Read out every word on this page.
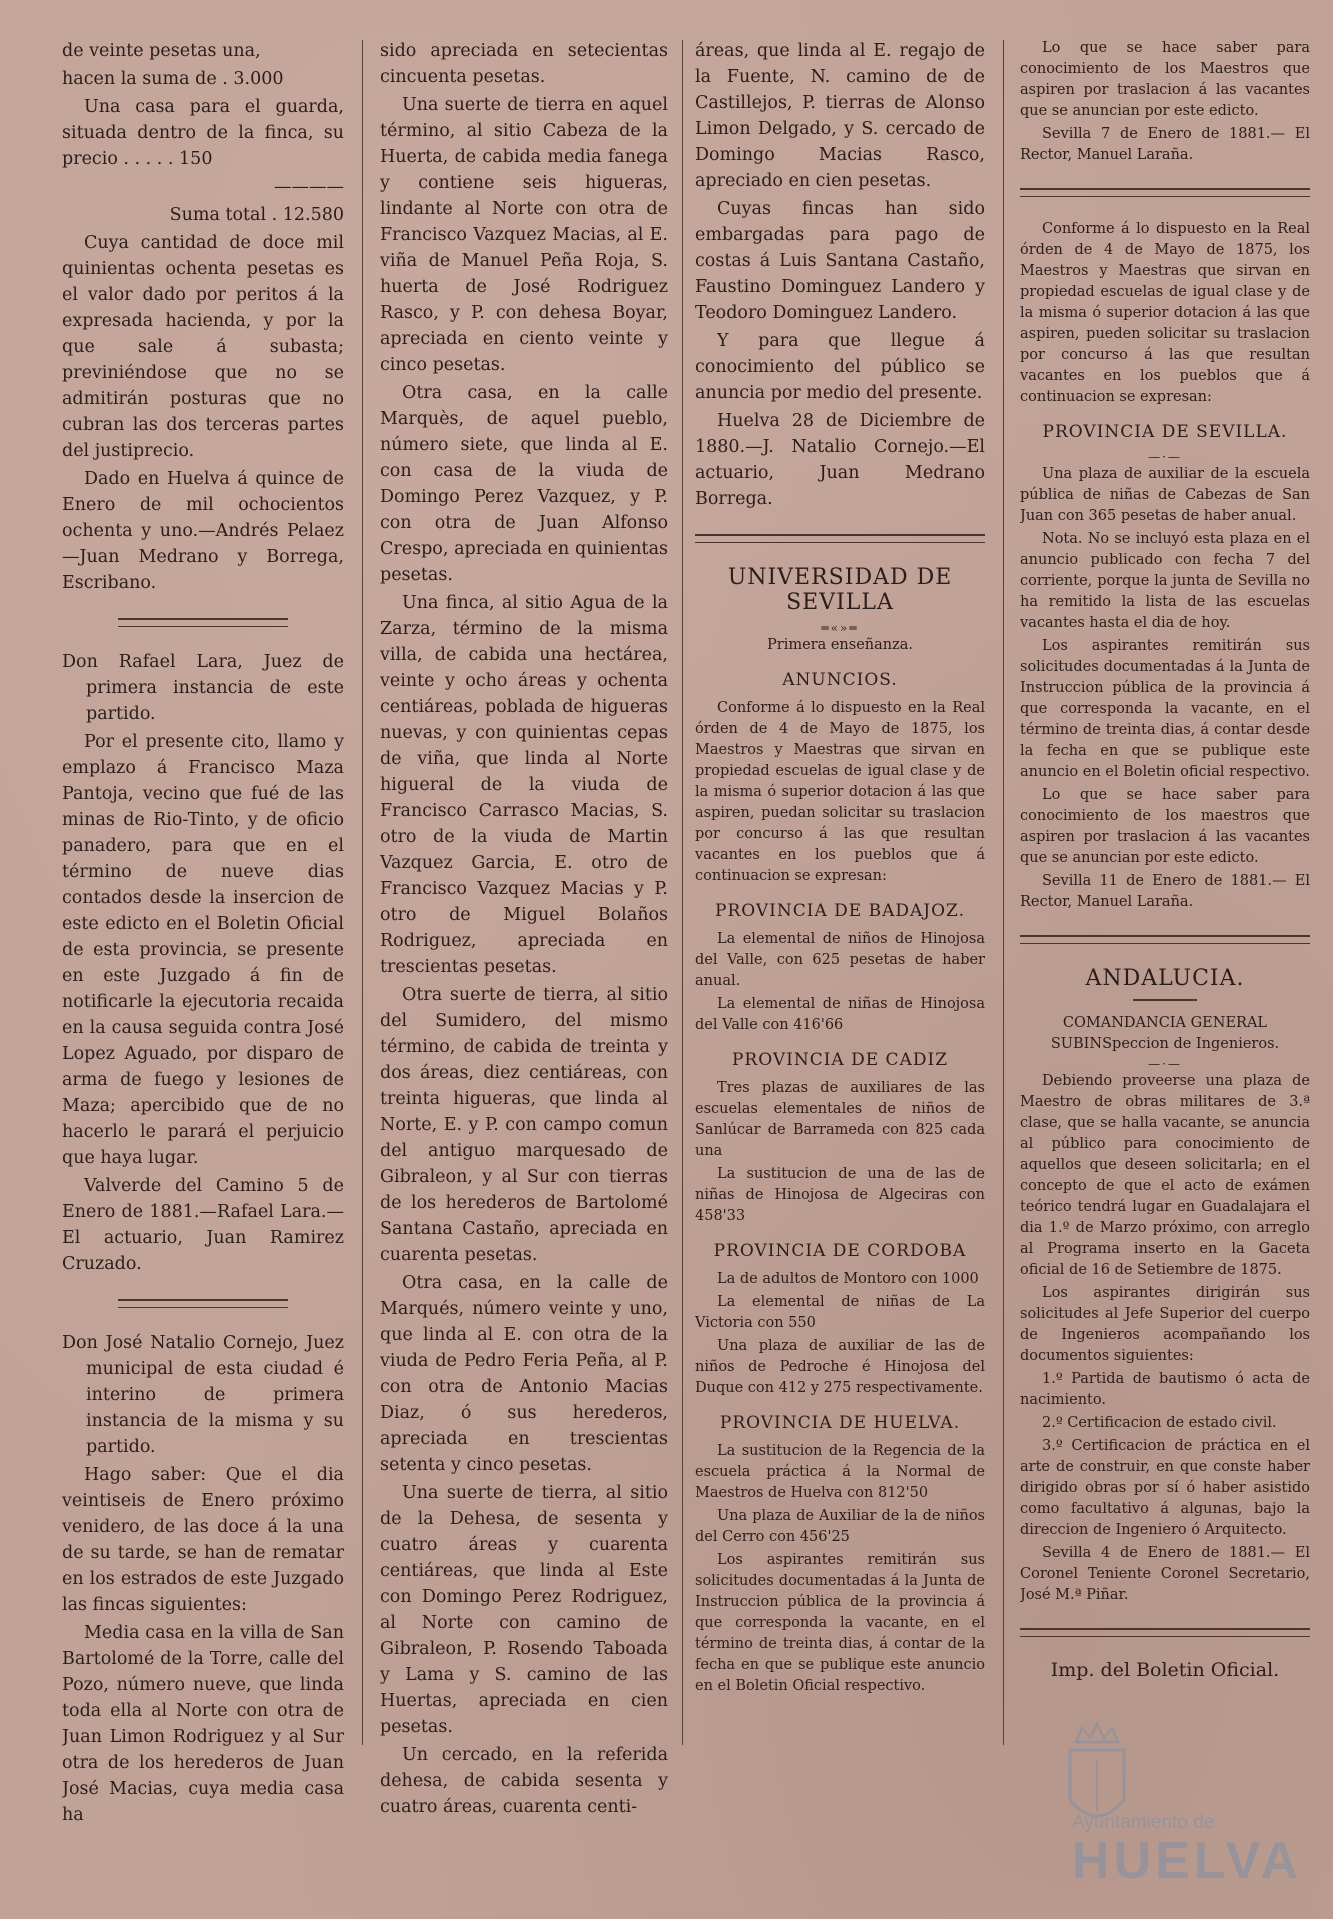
de veinte pesetas una,

hacen la suma de . 3.000

Una casa para el guarda, situada dentro de la finca, su precio . . . . . 150

————

Suma total . 12.580

Cuya cantidad de doce mil quinientas ochenta pesetas es el valor dado por peritos á la expresada hacienda, y por la que sale á subasta; previniéndose que no se admitirán posturas que no cubran las dos terceras partes del justiprecio.

Dado en Huelva á quince de Enero de mil ochocientos ochenta y uno.—Andrés Pelaez —Juan Medrano y Borrega, Escribano.

Don Rafael Lara, Juez de primera instancia de este partido.

Por el presente cito, llamo y emplazo á Francisco Maza Pantoja, vecino que fué de las minas de Rio-Tinto, y de oficio panadero, para que en el término de nueve dias contados desde la insercion de este edicto en el Boletin Oficial de esta provincia, se presente en este Juzgado á fin de notificarle la ejecutoria recaida en la causa seguida contra José Lopez Aguado, por disparo de arma de fuego y lesiones de Maza; apercibido que de no hacerlo le parará el perjuicio que haya lugar.

Valverde del Camino 5 de Enero de 1881.—Rafael Lara.—El actuario, Juan Ramirez Cruzado.

Don José Natalio Cornejo, Juez municipal de esta ciudad é interino de primera instancia de la misma y su partido.

Hago saber: Que el dia veintiseis de Enero próximo venidero, de las doce á la una de su tarde, se han de rematar en los estrados de este Juzgado las fincas siguientes:

Media casa en la villa de San Bartolomé de la Torre, calle del Pozo, número nueve, que linda toda ella al Norte con otra de Juan Limon Rodriguez y al Sur otra de los herederos de Juan José Macias, cuya media casa ha

sido apreciada en setecientas cincuenta pesetas.

Una suerte de tierra en aquel término, al sitio Cabeza de la Huerta, de cabida media fanega y contiene seis higueras, lindante al Norte con otra de Francisco Vazquez Macias, al E. viña de Manuel Peña Roja, S. huerta de José Rodriguez Rasco, y P. con dehesa Boyar, apreciada en ciento veinte y cinco pesetas.

Otra casa, en la calle Marquès, de aquel pueblo, número siete, que linda al E. con casa de la viuda de Domingo Perez Vazquez, y P. con otra de Juan Alfonso Crespo, apreciada en quinientas pesetas.

Una finca, al sitio Agua de la Zarza, término de la misma villa, de cabida una hectárea, veinte y ocho áreas y ochenta centiáreas, poblada de higueras nuevas, y con quinientas cepas de viña, que linda al Norte higueral de la viuda de Francisco Carrasco Macias, S. otro de la viuda de Martin Vazquez Garcia, E. otro de Francisco Vazquez Macias y P. otro de Miguel Bolaños Rodriguez, apreciada en trescientas pesetas.

Otra suerte de tierra, al sitio del Sumidero, del mismo término, de cabida de treinta y dos áreas, diez centiáreas, con treinta higueras, que linda al Norte, E. y P. con campo comun del antiguo marquesado de Gibraleon, y al Sur con tierras de los herederos de Bartolomé Santana Castaño, apreciada en cuarenta pesetas.

Otra casa, en la calle de Marqués, número veinte y uno, que linda al E. con otra de la viuda de Pedro Feria Peña, al P. con otra de Antonio Macias Diaz, ó sus herederos, apreciada en trescientas setenta y cinco pesetas.

Una suerte de tierra, al sitio de la Dehesa, de sesenta y cuatro áreas y cuarenta centiáreas, que linda al Este con Domingo Perez Rodriguez, al Norte con camino de Gibraleon, P. Rosendo Taboada y Lama y S. camino de las Huertas, apreciada en cien pesetas.

Un cercado, en la referida dehesa, de cabida sesenta y cuatro áreas, cuarenta centi-

áreas, que linda al E. regajo de la Fuente, N. camino de de Castillejos, P. tierras de Alonso Limon Delgado, y S. cercado de Domingo Macias Rasco, apreciado en cien pesetas.

Cuyas fincas han sido embargadas para pago de costas á Luis Santana Castaño, Faustino Dominguez Landero y Teodoro Dominguez Landero.

Y para que llegue á conocimiento del público se anuncia por medio del presente.

Huelva 28 de Diciembre de 1880.—J. Natalio Cornejo.—El actuario, Juan Medrano Borrega.

UNIVERSIDAD DE SEVILLA
═«»═

Primera enseñanza.

ANUNCIOS.

Conforme á lo dispuesto en la Real órden de 4 de Mayo de 1875, los Maestros y Maestras que sirvan en propiedad escuelas de igual clase y de la misma ó superior dotacion á las que aspiren, puedan solicitar su traslacion por concurso á las que resultan vacantes en los pueblos que á continuacion se expresan:

PROVINCIA DE BADAJOZ.

La elemental de niños de Hinojosa del Valle, con 625 pesetas de haber anual.

La elemental de niñas de Hinojosa del Valle con 416'66

PROVINCIA DE CADIZ

Tres plazas de auxiliares de las escuelas elementales de niños de Sanlúcar de Barrameda con 825 cada una

La sustitucion de una de las de niñas de Hinojosa de Algeciras con 458'33

PROVINCIA DE CORDOBA

La de adultos de Montoro con 1000

La elemental de niñas de La Victoria con 550

Una plaza de auxiliar de las de niños de Pedroche é Hinojosa del Duque con 412 y 275 respectivamente.

PROVINCIA DE HUELVA.

La sustitucion de la Regencia de la escuela práctica á la Normal de Maestros de Huelva con 812'50

Una plaza de Auxiliar de la de niños del Cerro con 456'25

Los aspirantes remitirán sus solicitudes documentadas á la Junta de Instruccion pública de la provincia á que corresponda la vacante, en el término de treinta dias, á contar de la fecha en que se publique este anuncio en el Boletin Oficial respectivo.

Lo que se hace saber para conocimiento de los Maestros que aspiren por traslacion á las vacantes que se anuncian por este edicto.

Sevilla 7 de Enero de 1881.— El Rector, Manuel Laraña.

Conforme á lo dispuesto en la Real órden de 4 de Mayo de 1875, los Maestros y Maestras que sirvan en propiedad escuelas de igual clase y de la misma ó superior dotacion á las que aspiren, pueden solicitar su traslacion por concurso á las que resultan vacantes en los pueblos que á continuacion se expresan:

PROVINCIA DE SEVILLA.
—·—

Una plaza de auxiliar de la escuela pública de niñas de Cabezas de San Juan con 365 pesetas de haber anual.

Nota. No se incluyó esta plaza en el anuncio publicado con fecha 7 del corriente, porque la junta de Sevilla no ha remitido la lista de las escuelas vacantes hasta el dia de hoy.

Los aspirantes remitirán sus solicitudes documentadas á la Junta de Instruccion pública de la provincia á que corresponda la vacante, en el término de treinta dias, á contar desde la fecha en que se publique este anuncio en el Boletin oficial respectivo.

Lo que se hace saber para conocimiento de los maestros que aspiren por traslacion á las vacantes que se anuncian por este edicto.

Sevilla 11 de Enero de 1881.— El Rector, Manuel Laraña.

ANDALUCIA.

COMANDANCIA GENERAL SUBINSpeccion de Ingenieros.

—·—

Debiendo proveerse una plaza de Maestro de obras militares de 3.ª clase, que se halla vacante, se anuncia al público para conocimiento de aquellos que deseen solicitarla; en el concepto de que el acto de exámen teórico tendrá lugar en Guadalajara el dia 1.º de Marzo próximo, con arreglo al Programa inserto en la Gaceta oficial de 16 de Setiembre de 1875.

Los aspirantes dirigirán sus solicitudes al Jefe Superior del cuerpo de Ingenieros acompañando los documentos siguientes:

1.º Partida de bautismo ó acta de nacimiento.

2.º Certificacion de estado civil.

3.º Certificacion de práctica en el arte de construir, en que conste haber dirigido obras por sí ó haber asistido como facultativo á algunas, bajo la direccion de Ingeniero ó Arquitecto.

Sevilla 4 de Enero de 1881.— El Coronel Teniente Coronel Secretario, José M.ª Piñar.

Imp. del Boletin Oficial.
Ayuntamiento de
HUELVA
